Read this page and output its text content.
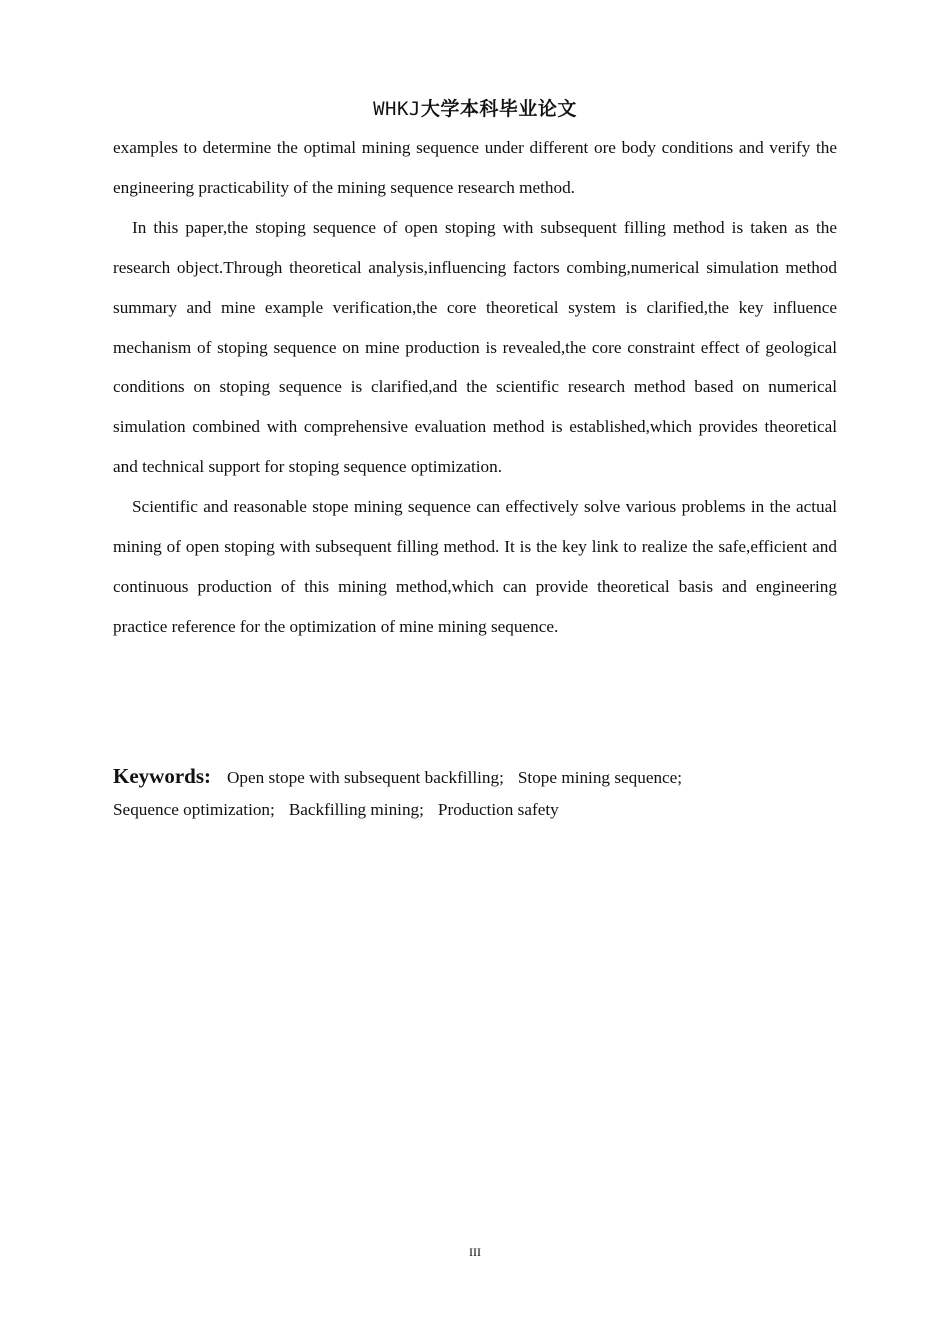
WHKJ大学本科毕业论文

examples to determine the optimal mining sequence under different ore body conditions and verify the engineering practicability of the mining sequence research method.

In this paper,the stoping sequence of open stoping with subsequent filling method is taken as the research object.Through theoretical analysis,influencing factors combing,numerical simulation method summary and mine example verification,the core theoretical system is clarified,the key influence mechanism of stoping sequence on mine production is revealed,the core constraint effect of geological conditions on stoping sequence is clarified,and the scientific research method based on numerical simulation combined with comprehensive evaluation method is established,which provides theoretical and technical support for stoping sequence optimization.

Scientific and reasonable stope mining sequence can effectively solve various problems in the actual mining of open stoping with subsequent filling method. It is the key link to realize the safe,efficient and continuous production of this mining method,which can provide theoretical basis and engineering practice reference for the optimization of mine mining sequence.

Keywords: Open stope with subsequent backfilling; Stope mining sequence;
Sequence optimization; Backfilling mining; Production safety
III
